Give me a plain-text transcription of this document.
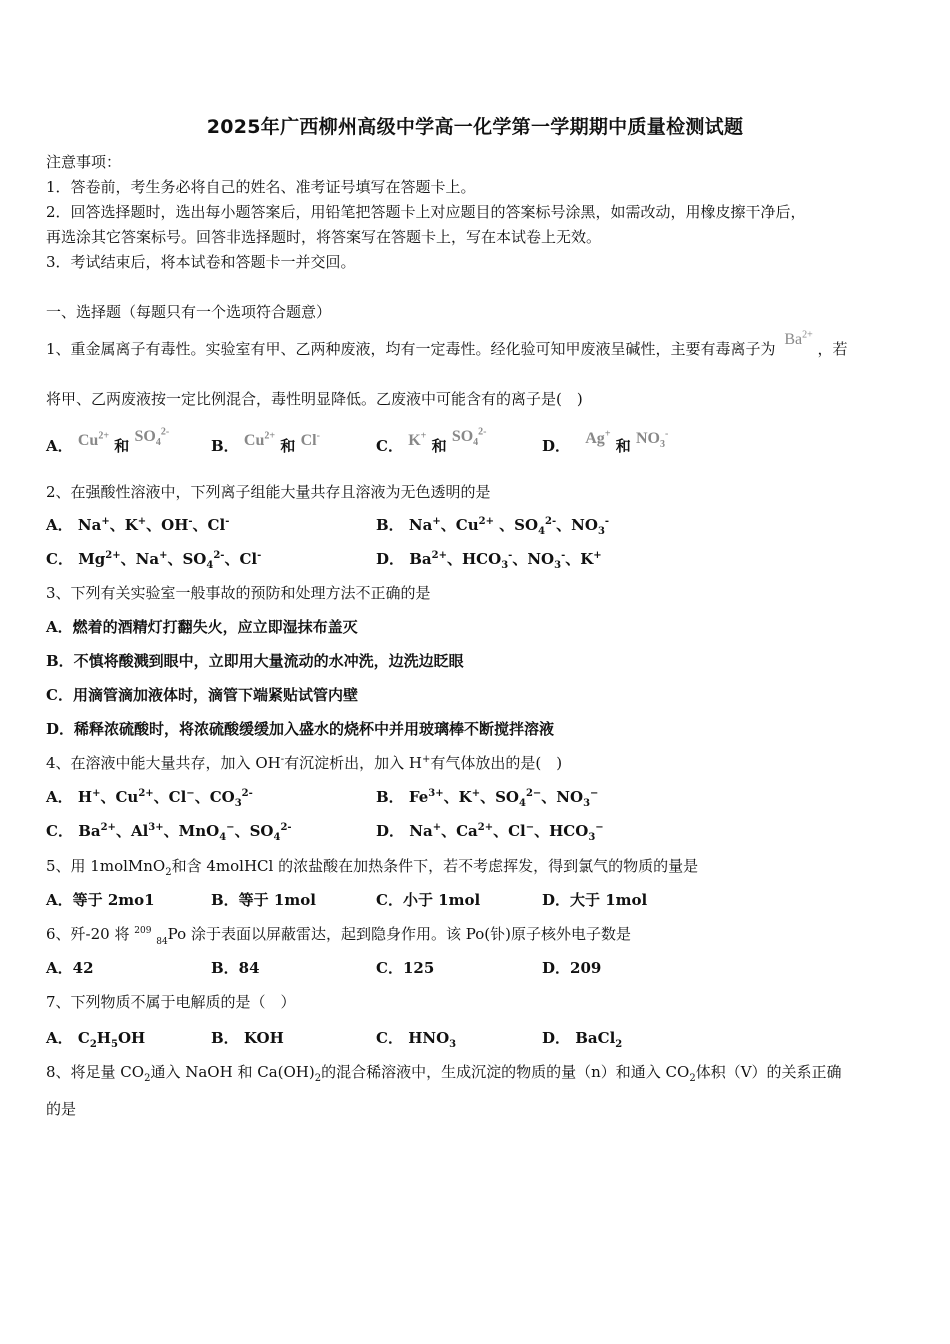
2025年广西柳州高级中学高一化学第一学期期中质量检测试题
注意事项：
1．答卷前，考生务必将自己的姓名、准考证号填写在答题卡上。
2．回答选择题时，选出每小题答案后，用铅笔把答题卡上对应题目的答案标号涂黑，如需改动，用橡皮擦干净后，
再选涂其它答案标号。回答非选择题时，将答案写在答题卡上，写在本试卷上无效。
3．考试结束后，将本试卷和答题卡一并交回。
一、选择题（每题只有一个选项符合题意）
1、重金属离子有毒性。实验室有甲、乙两种废液，均有一定毒性。经化验可知甲废液呈碱性，主要有毒离子为 $Ba^{2+}$ ，若
将甲、乙两废液按一定比例混合，毒性明显降低。乙废液中可能含有的离子是(　)
A． $Cu^{2+}$ 和 $SO_4^{2-}$
B． $Cu^{2+}$ 和 Cl-
C． K+ 和 $SO_4^{2-}$
D． Ag+ 和 $NO_3^-$
2、在强酸性溶液中，下列离子组能大量共存且溶液为无色透明的是
A． Na+、K+、OH-、Cl-	B． Na+、$Cu^{2+}$ 、$SO_4^{2-}$、$NO_3^-$
C． $Mg^{2+}$、Na+、$SO_4^{2-}$、Cl-	D． $Ba^{2+}$、$HCO_3^-$、$NO_3^-$、K+
3、下列有关实验室一般事故的预防和处理方法不正确的是
A．燃着的酒精灯打翻失火，应立即湿抹布盖灭
B．不慎将酸溅到眼中，立即用大量流动的水冲洗，边洗边眨眼
C．用滴管滴加液体时，滴管下端紧贴试管内壁
D．稀释浓硫酸时，将浓硫酸缓缓加入盛水的烧杯中并用玻璃棒不断搅拌溶液
4、在溶液中能大量共存，加入 OH-有沉淀析出，加入 H+有气体放出的是(　)
A． H+、$Cu^{2+}$、Cl−、$CO_3^{2-}$	B． $Fe^{3+}$、K+、$SO_4^{2-}$、$NO_3^-$
C． $Ba^{2+}$、$Al^{3+}$、MnO$_4$−、$SO_4^{2-}$	D． Na+、$Ca^{2+}$、Cl−、$HCO_3^-$
5、用 1molMnO$_2$和含 4molHCl 的浓盐酸在加热条件下，若不考虑挥发，得到氯气的物质的量是
A．等于 2mo1	B．等于 1mol	C．小于 1mol	D．大于 1mol
6、歼-20 将 $^{209}$ $_{84}$Po 涂于表面以屏蔽雷达，起到隐身作用。该 Po(钋)原子核外电子数是
A．42	B．84	C．125	D．209
7、下列物质不属于电解质的是（　）
A． $C_2H_5OH$	B． KOH	C． $HNO_3$	D． BaCl$_2$
8、将足量 $CO_2$通入 NaOH 和 $Ca(OH)_2$的混合稀溶液中，生成沉淀的物质的量（n）和通入 $CO_2$体积（V）的关系正确
的是
